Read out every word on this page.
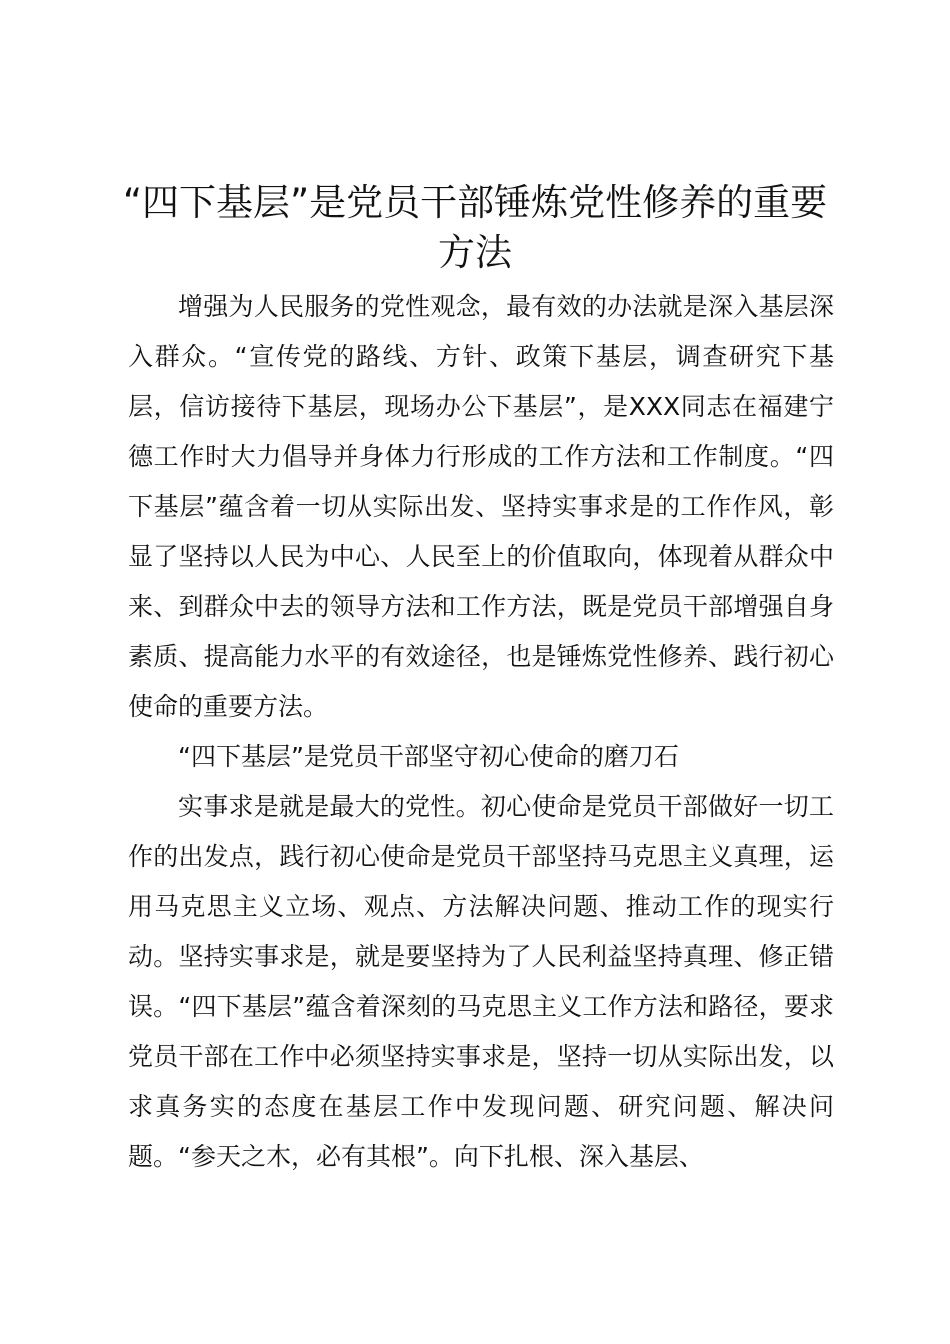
“四下基层”是党员干部锤炼党性修养的重要方法

增强为人民服务的党性观念，最有效的办法就是深入基层深入群众。“宣传党的路线、方针、政策下基层，调查研究下基层，信访接待下基层，现场办公下基层”，是XXX同志在福建宁德工作时大力倡导并身体力行形成的工作方法和工作制度。“四下基层”蕴含着一切从实际出发、坚持实事求是的工作作风，彰显了坚持以人民为中心、人民至上的价值取向，体现着从群众中来、到群众中去的领导方法和工作方法，既是党员干部增强自身素质、提高能力水平的有效途径，也是锤炼党性修养、践行初心使命的重要方法。

“四下基层”是党员干部坚守初心使命的磨刀石

实事求是就是最大的党性。初心使命是党员干部做好一切工作的出发点，践行初心使命是党员干部坚持马克思主义真理，运用马克思主义立场、观点、方法解决问题、推动工作的现实行动。坚持实事求是，就是要坚持为了人民利益坚持真理、修正错误。“四下基层”蕴含着深刻的马克思主义工作方法和路径，要求党员干部在工作中必须坚持实事求是，坚持一切从实际出发，以求真务实的态度在基层工作中发现问题、研究问题、解决问题。“参天之木，必有其根”。向下扎根、深入基层、
